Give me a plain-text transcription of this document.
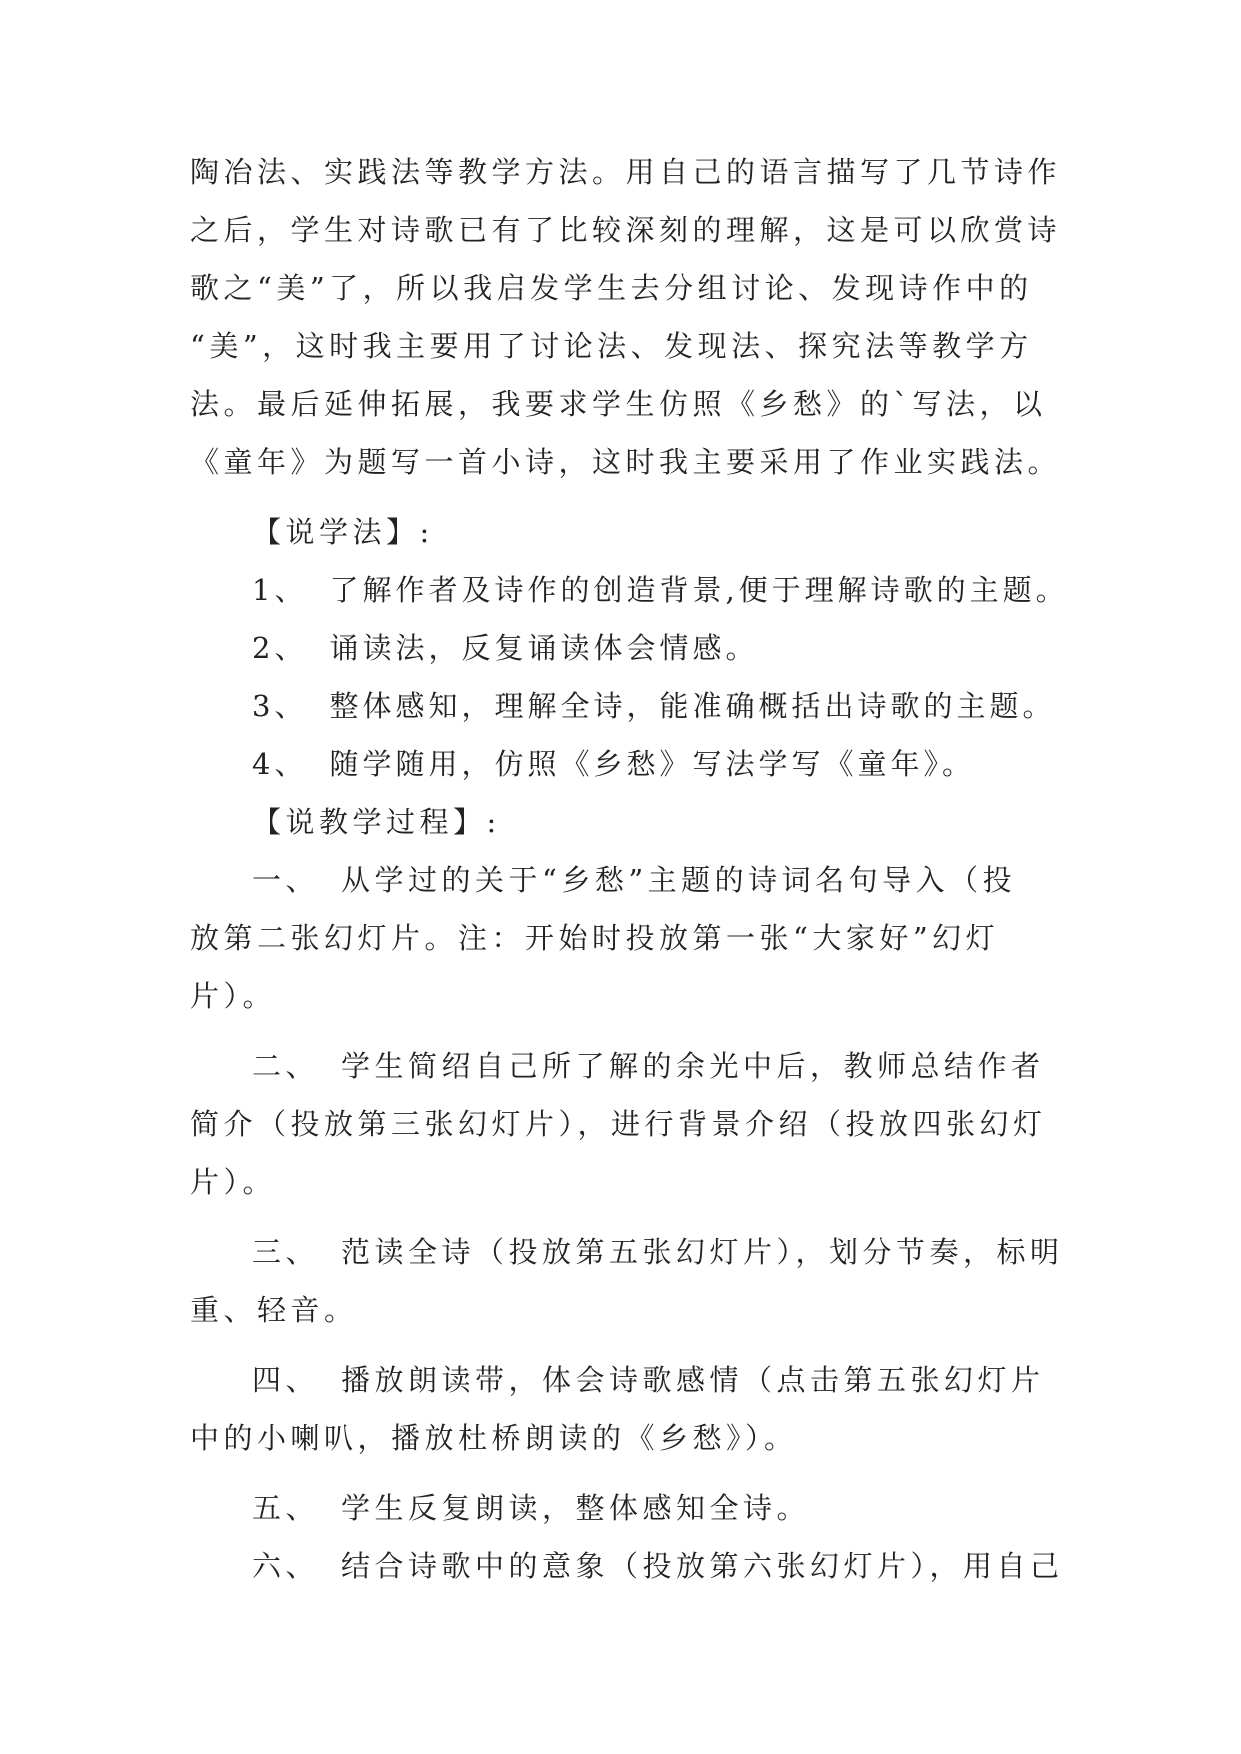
陶冶法、实践法等教学方法。用自己的语言描写了几节诗作
之后，学生对诗歌已有了比较深刻的理解，这是可以欣赏诗
歌之“美”了，所以我启发学生去分组讨论、发现诗作中的
“美”，这时我主要用了讨论法、发现法、探究法等教学方
法。最后延伸拓展，我要求学生仿照《乡愁》的`写法，以
《童年》为题写一首小诗，这时我主要采用了作业实践法。
【说学法】:
1、 了解作者及诗作的创造背景,便于理解诗歌的主题。
2、 诵读法，反复诵读体会情感。
3、 整体感知，理解全诗，能准确概括出诗歌的主题。
4、 随学随用，仿照《乡愁》写法学写《童年》。
【说教学过程】:
一、 从学过的关于“乡愁”主题的诗词名句导入（投
放第二张幻灯片。注：开始时投放第一张“大家好”幻灯
片）。
二、 学生简绍自己所了解的余光中后，教师总结作者
简介（投放第三张幻灯片），进行背景介绍（投放四张幻灯
片）。
三、 范读全诗（投放第五张幻灯片），划分节奏，标明
重、轻音。
四、 播放朗读带，体会诗歌感情（点击第五张幻灯片
中的小喇叭，播放杜桥朗读的《乡愁》）。
五、 学生反复朗读，整体感知全诗。
六、 结合诗歌中的意象（投放第六张幻灯片），用自己
